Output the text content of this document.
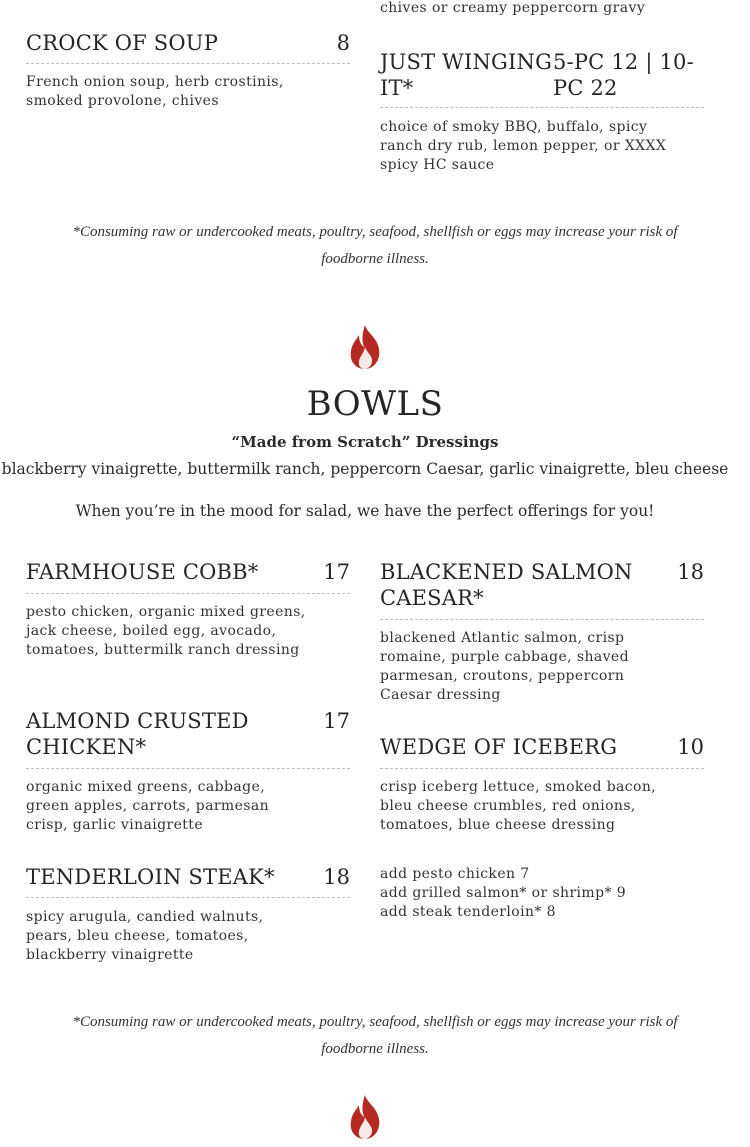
chives or creamy peppercorn gravy
CROCK OF SOUP	8
French onion soup, herb crostinis, smoked provolone, chives
JUST WINGING
IT*
5-PC 12 | 10-
PC 22
choice of smoky BBQ, buffalo, spicy ranch dry rub, lemon pepper, or XXXX spicy HC sauce
*Consuming raw or undercooked meats, poultry, seafood, shellfish or eggs may increase your risk of
foodborne illness.
BOWLS
“Made from Scratch” Dressings
blackberry vinaigrette, buttermilk ranch, peppercorn Caesar, garlic vinaigrette, bleu cheese
When you’re in the mood for salad, we have the perfect offerings for you!
FARMHOUSE COBB*	17
pesto chicken, organic mixed greens, jack cheese, boiled egg, avocado, tomatoes, buttermilk ranch dressing
BLACKENED SALMON
CAESAR*
18
blackened Atlantic salmon, crisp romaine, purple cabbage, shaved parmesan, croutons, peppercorn Caesar dressing
ALMOND CRUSTED
CHICKEN*
17
organic mixed greens, cabbage, green apples, carrots, parmesan crisp, garlic vinaigrette
WEDGE OF ICEBERG	10
crisp iceberg lettuce, smoked bacon, bleu cheese crumbles, red onions, tomatoes, blue cheese dressing
TENDERLOIN STEAK*	18
spicy arugula, candied walnuts, pears, bleu cheese, tomatoes, blackberry vinaigrette
add pesto chicken 7
add grilled salmon* or shrimp* 9
add steak tenderloin* 8
*Consuming raw or undercooked meats, poultry, seafood, shellfish or eggs may increase your risk of
foodborne illness.
